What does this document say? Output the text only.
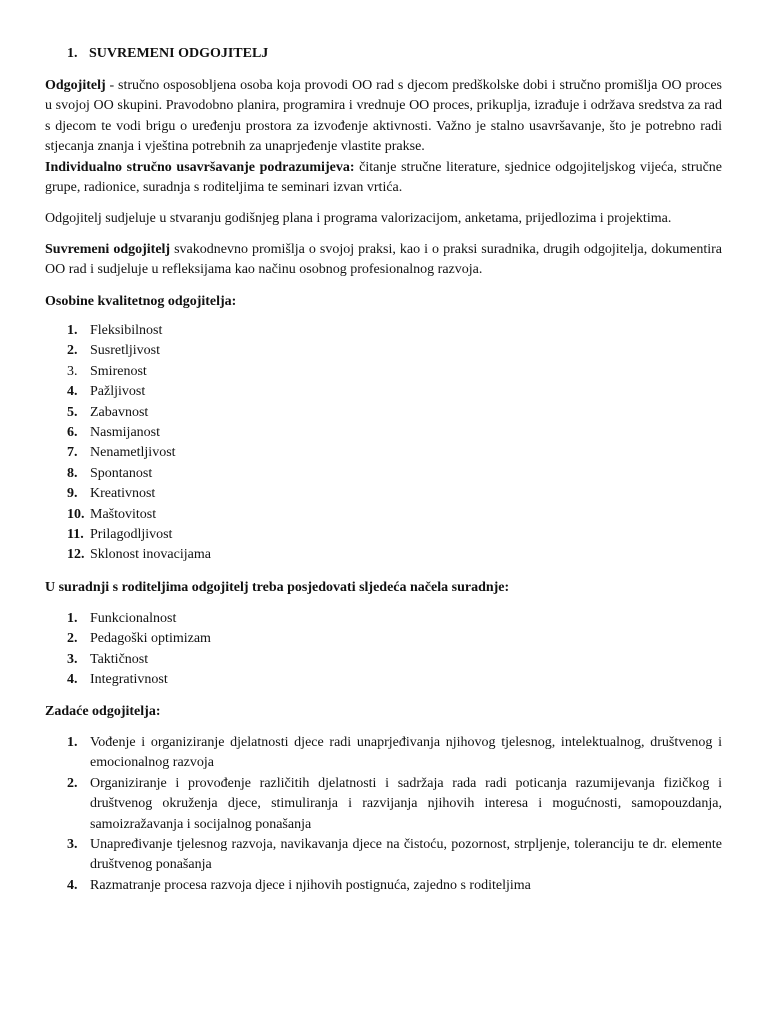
1. SUVREMENI ODGOJITELJ
Odgojitelj - stručno osposobljena osoba koja provodi OO rad s djecom predškolske dobi i stručno promišlja OO proces u svojoj OO skupini. Pravodobno planira, programira i vrednuje OO proces, prikuplja, izrađuje i održava sredstva za rad s djecom te vodi brigu o uređenju prostora za izvođenje aktivnosti. Važno je stalno usavršavanje, što je potrebno radi stjecanja znanja i vještina potrebnih za unaprjeđenje vlastite prakse.
Individualno stručno usavršavanje podrazumijeva: čitanje stručne literature, sjednice odgojiteljskog vijeća, stručne grupe, radionice, suradnja s roditeljima te seminari izvan vrtića.
Odgojitelj sudjeluje u stvaranju godišnjeg plana i programa valorizacijom, anketama, prijedlozima i projektima.
Suvremeni odgojitelj svakodnevno promišlja o svojoj praksi, kao i o praksi suradnika, drugih odgojitelja, dokumentira OO rad i sudjeluje u refleksijama kao načinu osobnog profesionalnog razvoja.
Osobine kvalitetnog odgojitelja:
1. Fleksibilnost
2. Susretljivost
3. Smirenost
4. Pažljivost
5. Zabavnost
6. Nasmijanost
7. Nenametljivost
8. Spontanost
9. Kreativnost
10. Maštovitost
11. Prilagodljivost
12. Sklonost inovacijama
U suradnji s roditeljima odgojitelj treba posjedovati sljedeća načela suradnje:
1. Funkcionalnost
2. Pedagoški optimizam
3. Taktičnost
4. Integrativnost
Zadaće odgojitelja:
1. Vođenje i organiziranje djelatnosti djece radi unaprjeđivanja njihovog tjelesnog, intelektualnog, društvenog i emocionalnog razvoja
2. Organiziranje i provođenje različitih djelatnosti i sadržaja rada radi poticanja razumijevanja fizičkog i društvenog okruženja djece, stimuliranja i razvijanja njihovih interesa i mogućnosti, samopouzdanja, samoizražavanja i socijalnog ponašanja
3. Unapređivanje tjelesnog razvoja, navikavanja djece na čistoću, pozornost, strpljenje, toleranciju te dr. elemente društvenog ponašanja
4. Razmatranje procesa razvoja djece i njihovih postignuća, zajedno s roditeljima
